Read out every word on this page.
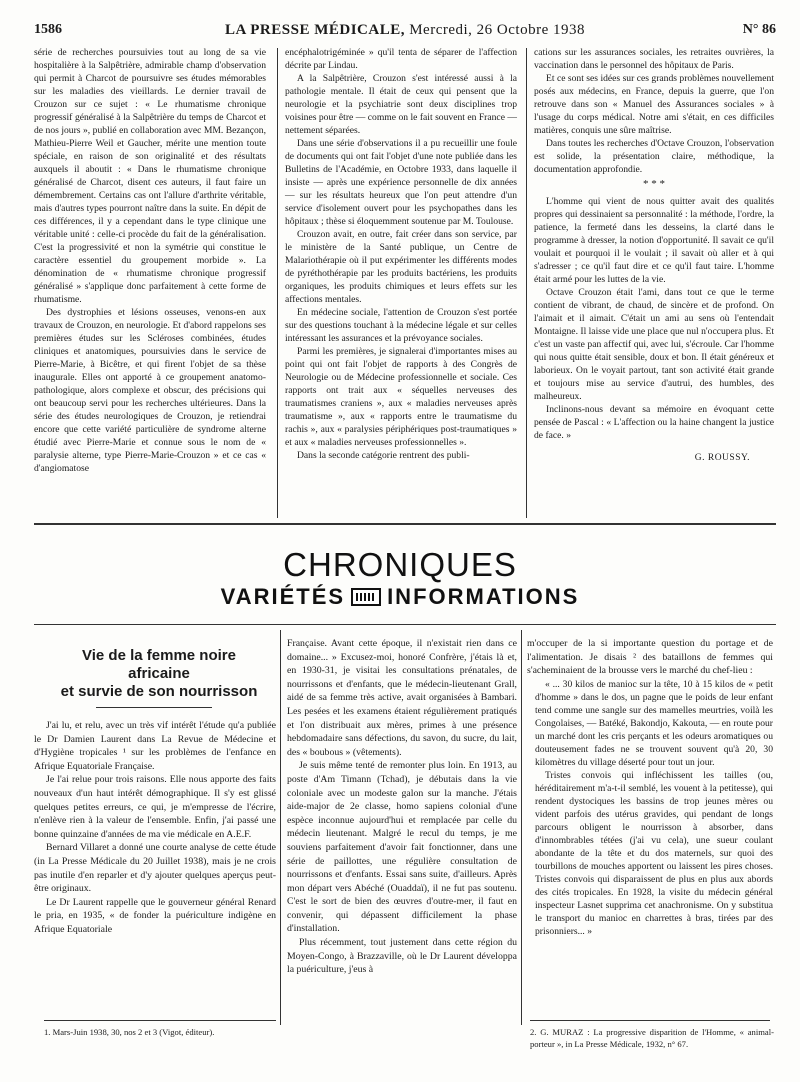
1586	LA PRESSE MÉDICALE, Mercredi, 26 Octobre 1938	N° 86

série de recherches poursuivies tout au long de sa vie hospitalière à la Salpêtrière, admirable champ d'observation qui permit à Charcot de poursuivre ses études mémorables sur les maladies des vieillards. Le dernier travail de Crouzon sur ce sujet : « Le rhumatisme chronique progressif généralisé à la Salpêtrière du temps de Charcot et de nos jours », publié en collaboration avec MM. Bezançon, Mathieu-Pierre Weil et Gaucher, mérite une mention toute spéciale, en raison de son originalité et des résultats auxquels il aboutit : « Dans le rhumatisme chronique généralisé de Charcot, disent ces auteurs, il faut faire un démembrement. Certains cas ont l'allure d'arthrite véritable, mais d'autres types pourront naître dans la suite. En dépit de ces différences, il y a cependant dans le type clinique une véritable unité : celle-ci procède du fait de la généralisation. C'est la progressivité et non la symétrie qui constitue le caractère essentiel du groupement morbide ». La dénomination de « rhumatisme chronique progressif généralisé » s'applique donc parfaitement à cette forme de rhumatisme.

Des dystrophies et lésions osseuses, venons-en aux travaux de Crouzon, en neurologie. Et d'abord rappelons ses premières études sur les Scléroses combinées, études cliniques et anatomiques, poursuivies dans le service de Pierre-Marie, à Bicêtre, et qui firent l'objet de sa thèse inaugurale. Elles ont apporté à ce groupement anatomo-pathologique, alors complexe et obscur, des précisions qui ont beaucoup servi pour les recherches ultérieures. Dans la série des études neurologiques de Crouzon, je retiendrai encore que cette variété particulière de syndrome alterne étudié avec Pierre-Marie et connue sous le nom de « paralysie alterne, type Pierre-Marie-Crouzon » et ce cas « d'angiomatose

encéphalotrigéminée » qu'il tenta de séparer de l'affection décrite par Lindau.

A la Salpêtrière, Crouzon s'est intéressé aussi à la pathologie mentale. Il était de ceux qui pensent que la neurologie et la psychiatrie sont deux disciplines trop voisines pour être — comme on le fait souvent en France — nettement séparées.

Dans une série d'observations il a pu recueillir une foule de documents qui ont fait l'objet d'une note publiée dans les Bulletins de l'Académie, en Octobre 1933, dans laquelle il insiste — après une expérience personnelle de dix années — sur les résultats heureux que l'on peut attendre d'un service d'isolement ouvert pour les psychopathes dans les hôpitaux ; thèse si éloquemment soutenue par M. Toulouse.

Crouzon avait, en outre, fait créer dans son service, par le ministère de la Santé publique, un Centre de Malariothérapie où il put expérimenter les différents modes de pyréthothérapie par les produits bactériens, les produits organiques, les produits chimiques et leurs effets sur les affections mentales.

En médecine sociale, l'attention de Crouzon s'est portée sur des questions touchant à la médecine légale et sur celles intéressant les assurances et la prévoyance sociales.

Parmi les premières, je signalerai d'importantes mises au point qui ont fait l'objet de rapports à des Congrès de Neurologie ou de Médecine professionnelle et sociale. Ces rapports ont trait aux « séquelles nerveuses des traumatismes craniens », aux « maladies nerveuses après traumatisme », aux « rapports entre le traumatisme du rachis », aux « paralysies périphériques post-traumatiques » et aux « maladies nerveuses professionnelles ».

Dans la seconde catégorie rentrent des publi-

cations sur les assurances sociales, les retraites ouvrières, la vaccination dans le personnel des hôpitaux de Paris.

Et ce sont ses idées sur ces grands problèmes nouvellement posés aux médecins, en France, depuis la guerre, que l'on retrouve dans son « Manuel des Assurances sociales » à l'usage du corps médical. Notre ami s'était, en ces difficiles matières, conquis une sûre maîtrise.

Dans toutes les recherches d'Octave Crouzon, l'observation est solide, la présentation claire, méthodique, la documentation approfondie.

* * *

L'homme qui vient de nous quitter avait des qualités propres qui dessinaient sa personnalité : la méthode, l'ordre, la patience, la fermeté dans les desseins, la clarté dans le programme à dresser, la notion d'opportunité. Il savait ce qu'il voulait et pourquoi il le voulait ; il savait où aller et à qui s'adresser ; ce qu'il faut dire et ce qu'il faut taire. L'homme était armé pour les luttes de la vie.

Octave Crouzon était l'ami, dans tout ce que le terme contient de vibrant, de chaud, de sincère et de profond. On l'aimait et il aimait. C'était un ami au sens où l'entendait Montaigne. Il laisse vide une place que nul n'occupera plus. Et c'est un vaste pan affectif qui, avec lui, s'écroule. Car l'homme qui nous quitte était sensible, doux et bon. Il était généreux et laborieux. On le voyait partout, tant son activité était grande et toujours mise au service d'autrui, des humbles, des malheureux.

Inclinons-nous devant sa mémoire en évoquant cette pensée de Pascal : « L'affection ou la haine changent la justice de face. »

G. ROUSSY.
CHRONIQUES
VARIÉTÉS INFORMATIONS
Vie de la femme noire
africaine
et survie de son nourrisson

J'ai lu, et relu, avec un très vif intérêt l'étude qu'a publiée le Dr Damien Laurent dans La Revue de Médecine et d'Hygiène tropicales ¹ sur les problèmes de l'enfance en Afrique Equatoriale Française.

Je l'ai relue pour trois raisons. Elle nous apporte des faits nouveaux d'un haut intérêt démographique. Il s'y est glissé quelques petites erreurs, ce qui, je m'empresse de l'écrire, n'enlève rien à la valeur de l'ensemble. Enfin, j'ai passé une bonne quinzaine d'années de ma vie médicale en A.E.F.

Bernard Villaret a donné une courte analyse de cette étude (in La Presse Médicale du 20 Juillet 1938), mais je ne crois pas inutile d'en reparler et d'y ajouter quelques aperçus peut-être originaux.

Le Dr Laurent rappelle que le gouverneur général Renard le pria, en 1935, « de fonder la puériculture indigène en Afrique Equatoriale

Française. Avant cette époque, il n'existait rien dans ce domaine... » Excusez-moi, honoré Confrère, j'étais là et, en 1930-31, je visitai les consultations prénatales, de nourrissons et d'enfants, que le médecin-lieutenant Grall, aidé de sa femme très active, avait organisées à Bambari. Les pesées et les examens étaient régulièrement pratiqués et l'on distribuait aux mères, primes à une présence hebdomadaire sans défections, du savon, du sucre, du lait, des « boubous » (vêtements).

Je suis même tenté de remonter plus loin. En 1913, au poste d'Am Timann (Tchad), je débutais dans la vie coloniale avec un modeste galon sur la manche. J'étais aide-major de 2e classe, homo sapiens colonial d'une espèce inconnue aujourd'hui et remplacée par celle du médecin lieutenant. Malgré le recul du temps, je me souviens parfaitement d'avoir fait fonctionner, dans une série de paillottes, une régulière consultation de nourrissons et d'enfants. Essai sans suite, d'ailleurs. Après mon départ vers Abéché (Ouaddaï), il ne fut pas soutenu. C'est le sort de bien des œuvres d'outre-mer, il faut en convenir, qui dépassent difficilement la phase d'installation.

Plus récemment, tout justement dans cette région du Moyen-Congo, à Brazzaville, où le Dr Laurent développa la puériculture, j'eus à

m'occuper de la si importante question du portage et de l'alimentation. Je disais ² des bataillons de femmes qui s'acheminaient de la brousse vers le marché du chef-lieu :

« ... 30 kilos de manioc sur la tête, 10 à 15 kilos de « petit d'homme » dans le dos, un pagne que le poids de leur enfant tend comme une sangle sur des mamelles meurtries, voilà les Congolaises, — Batéké, Bakondjo, Kakouta, — en route pour un marché dont les cris perçants et les odeurs aromatiques ou douteusement fades ne se trouvent souvent qu'à 20, 30 kilomètres du village déserté pour tout un jour.

Tristes convois qui infléchissent les tailles (ou, héréditairement m'a-t-il semblé, les vouent à la petitesse), qui rendent dystociques les bassins de trop jeunes mères ou vident parfois des utérus gravides, qui pendant de longs parcours obligent le nourrisson à absorber, dans d'innombrables tétées (j'ai vu cela), une sueur coulant abondante de la tête et du dos maternels, sur quoi des tourbillons de mouches apportent ou laissent les pires choses. Tristes convois qui disparaissent de plus en plus aux abords des cités tropicales. En 1928, la visite du médecin général inspecteur Lasnet supprima cet anachronisme. On y substitua le transport du manioc en charrettes à bras, tirées par des prisonniers... »

1. Mars-Juin 1938, 30, nos 2 et 3 (Vigot, éditeur).	2. G. MURAZ : La progressive disparition de l'Homme, « animal-porteur », in La Presse Médicale, 1932, n° 67.
